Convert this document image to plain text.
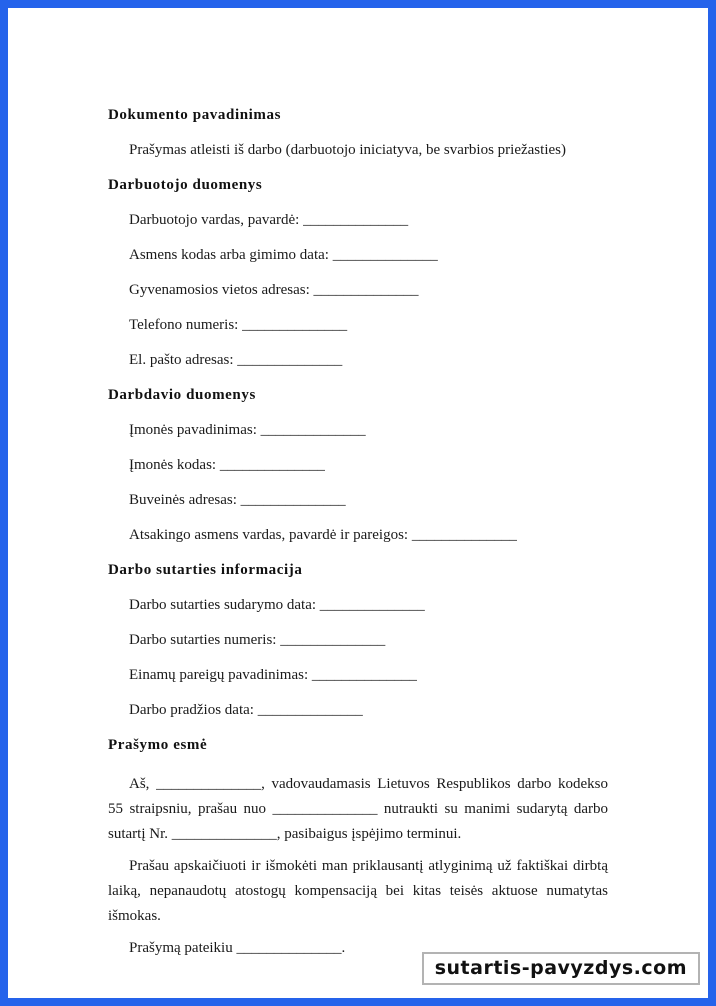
Dokumento pavadinimas
Prašymas atleisti iš darbo (darbuotojo iniciatyva, be svarbios priežasties)
Darbuotojo duomenys
Darbuotojo vardas, pavardė: ______________
Asmens kodas arba gimimo data: ______________
Gyvenamosios vietos adresas: ______________
Telefono numeris: ______________
El. pašto adresas: ______________
Darbdavio duomenys
Įmonės pavadinimas: ______________
Įmonės kodas: ______________
Buveinės adresas: ______________
Atsakingo asmens vardas, pavardė ir pareigos: ______________
Darbo sutarties informacija
Darbo sutarties sudarymo data: ______________
Darbo sutarties numeris: ______________
Einamų pareigų pavadinimas: ______________
Darbo pradžios data: ______________
Prašymo esmė
Aš, ______________, vadovaudamasis Lietuvos Respublikos darbo kodekso 55 straipsniu, prašau nuo ______________ nutraukti su manimi sudarytą darbo sutartį Nr. ______________, pasibaigus įspėjimo terminui.
Prašau apskaičiuoti ir išmokėti man priklausantį atlyginimą už faktiškai dirbtą laiką, nepanaudotų atostogų kompensaciją bei kitas teisės aktuose numatytas išmokas.
Prašymą pateikiu ______________.
sutartis-pavyzdys.com
